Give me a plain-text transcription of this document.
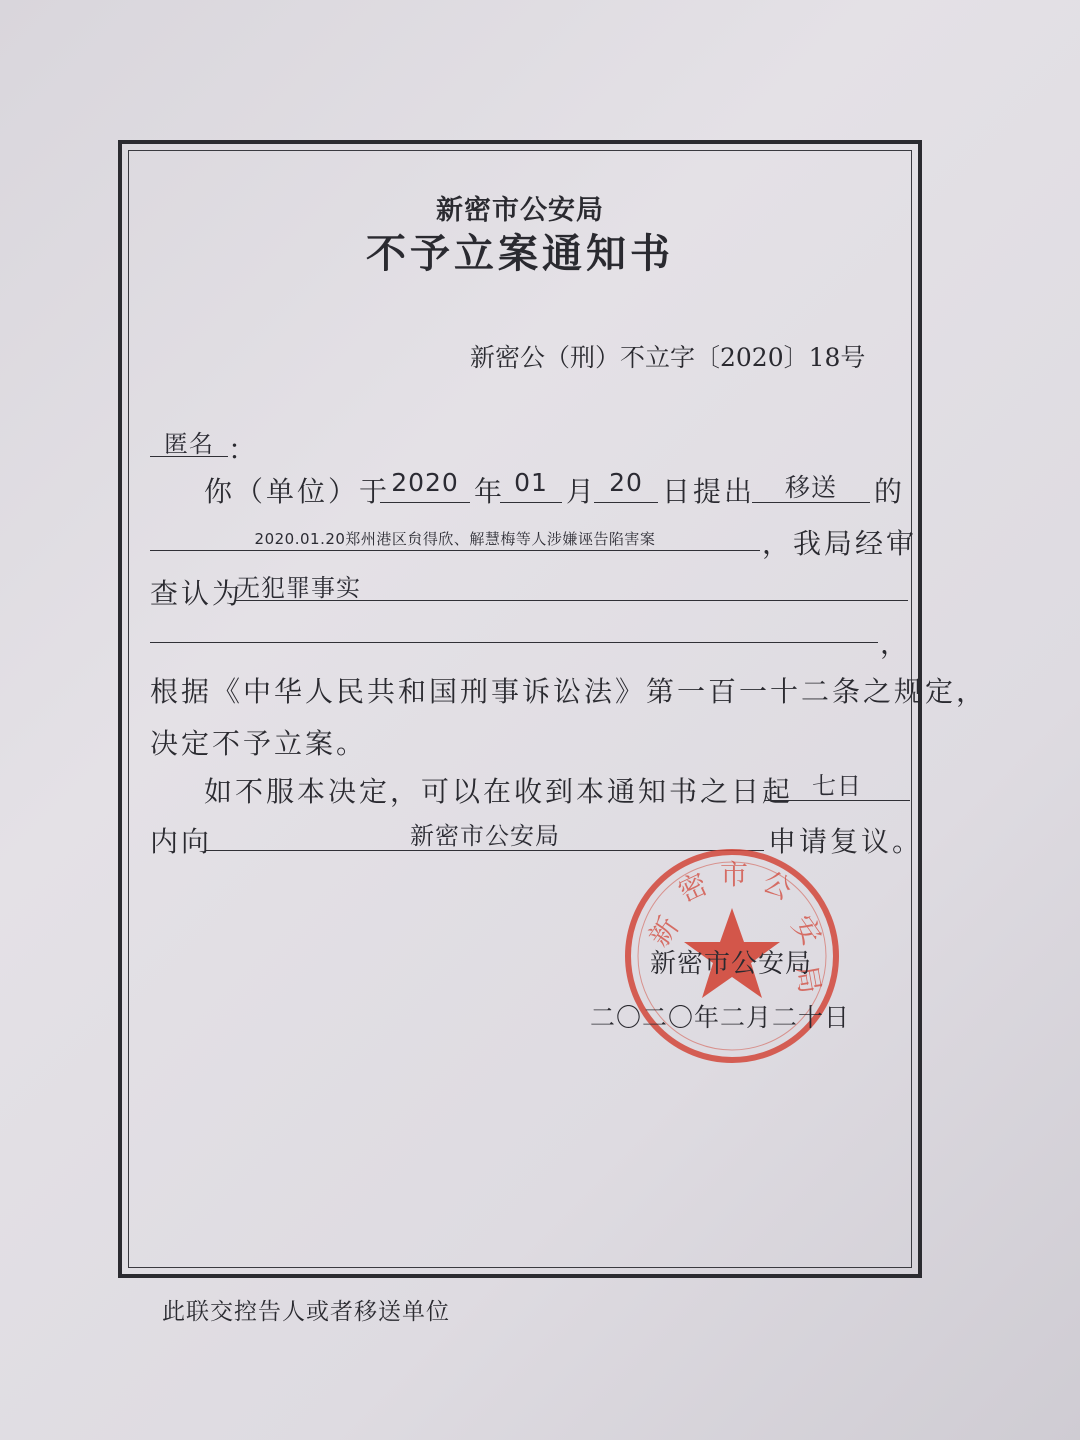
新密市公安局
不予立案通知书
新密公（刑）不立字〔2020〕18号
匿名 ：
你（单位）于 2020 年 01 月 20 日提出	移送	的
2020.01.20郑州港区贠得欣、解慧梅等人涉嫌诬告陷害案	，我局经审
查认为
无犯罪事实
，
根据《中华人民共和国刑事诉讼法》第一百一十二条之规定，
决定不予立案。
如不服本决定，可以在收到本通知书之日起 七日
内向	新密市公安局	申请复议。
新
密 市 公
安
局
新密市公安局
二〇二〇年二月二十日
此联交控告人或者移送单位
